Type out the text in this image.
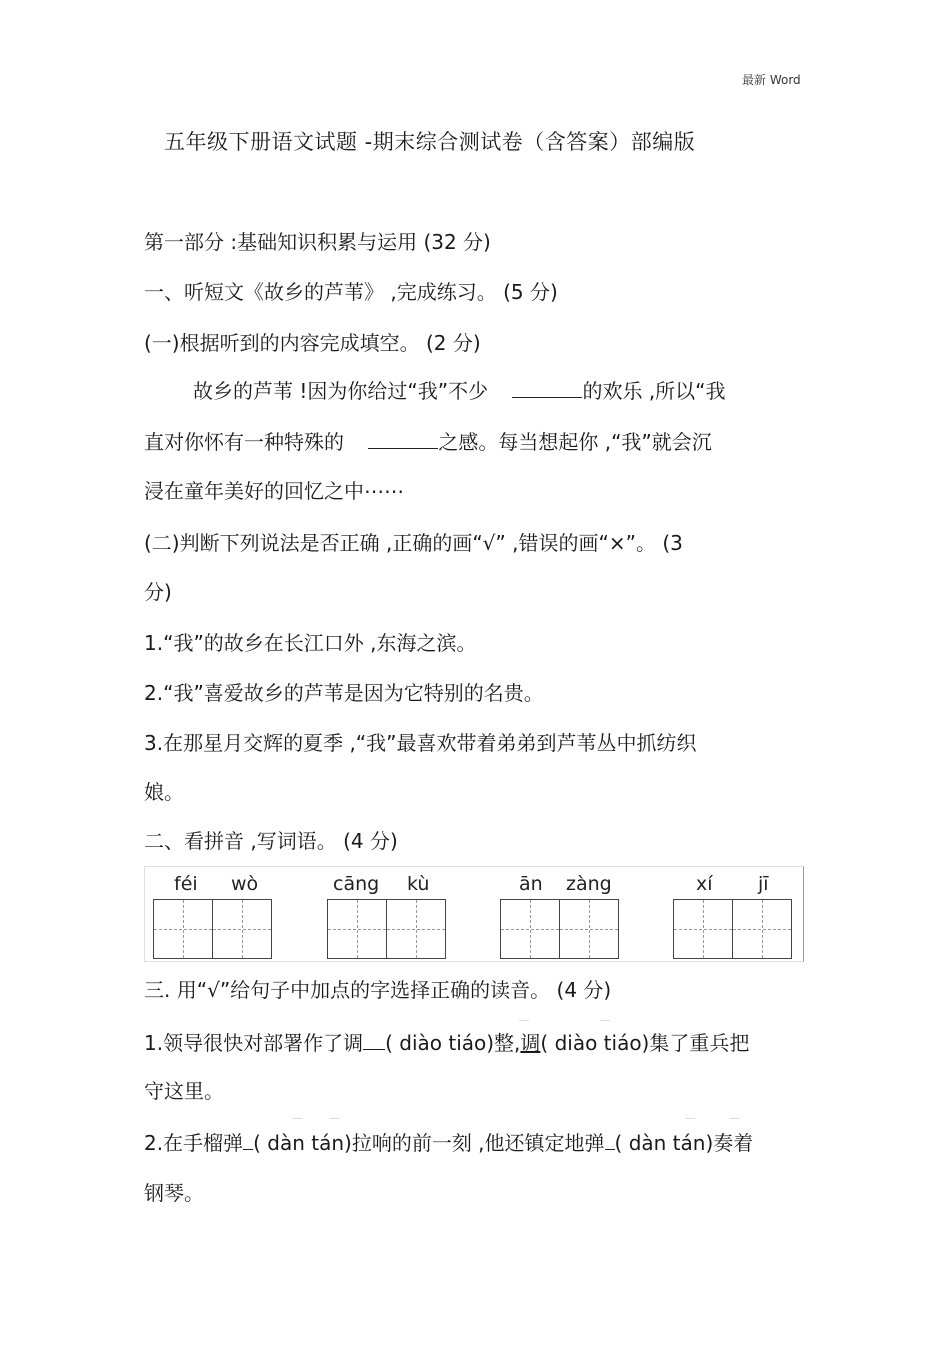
最新 Word
五年级下册语文试题 -期末综合测试卷（含答案）部编版
第一部分 :基础知识积累与运用 (32 分)
一、听短文《故乡的芦苇》 ,完成练习。 (5 分)
(一)根据听到的内容完成填空。 (2 分)
故乡的芦苇 !因为你给过“我”不少	的欢乐 ,所以“我
直对你怀有一种特殊的	之感。每当想起你 ,“我”就会沉
浸在童年美好的回忆之中⋯⋯
(二)判断下列说法是否正确 ,正确的画“√” ,错误的画“×”。 (3
分)
1.“我”的故乡在长江口外 ,东海之滨。
2.“我”喜爱故乡的芦苇是因为它特别的名贵。
3.在那星月交辉的夏季 ,“我”最喜欢带着弟弟到芦苇丛中抓纺织
娘。
二、看拼音 ,写词语。 (4 分)
féi wò	cāng kù	ān zàng	xí jī
三. 用“√”给句子中加点的字选择正确的读音。 (4 分)
1.领导很快对部署作了调 ( diào tiáo)整,调( diào tiáo)集了重兵把
守这里。
2.在手榴弹 ( dàn tán)拉响的前一刻 ,他还镇定地弹 ( dàn tán)奏着
钢琴。
